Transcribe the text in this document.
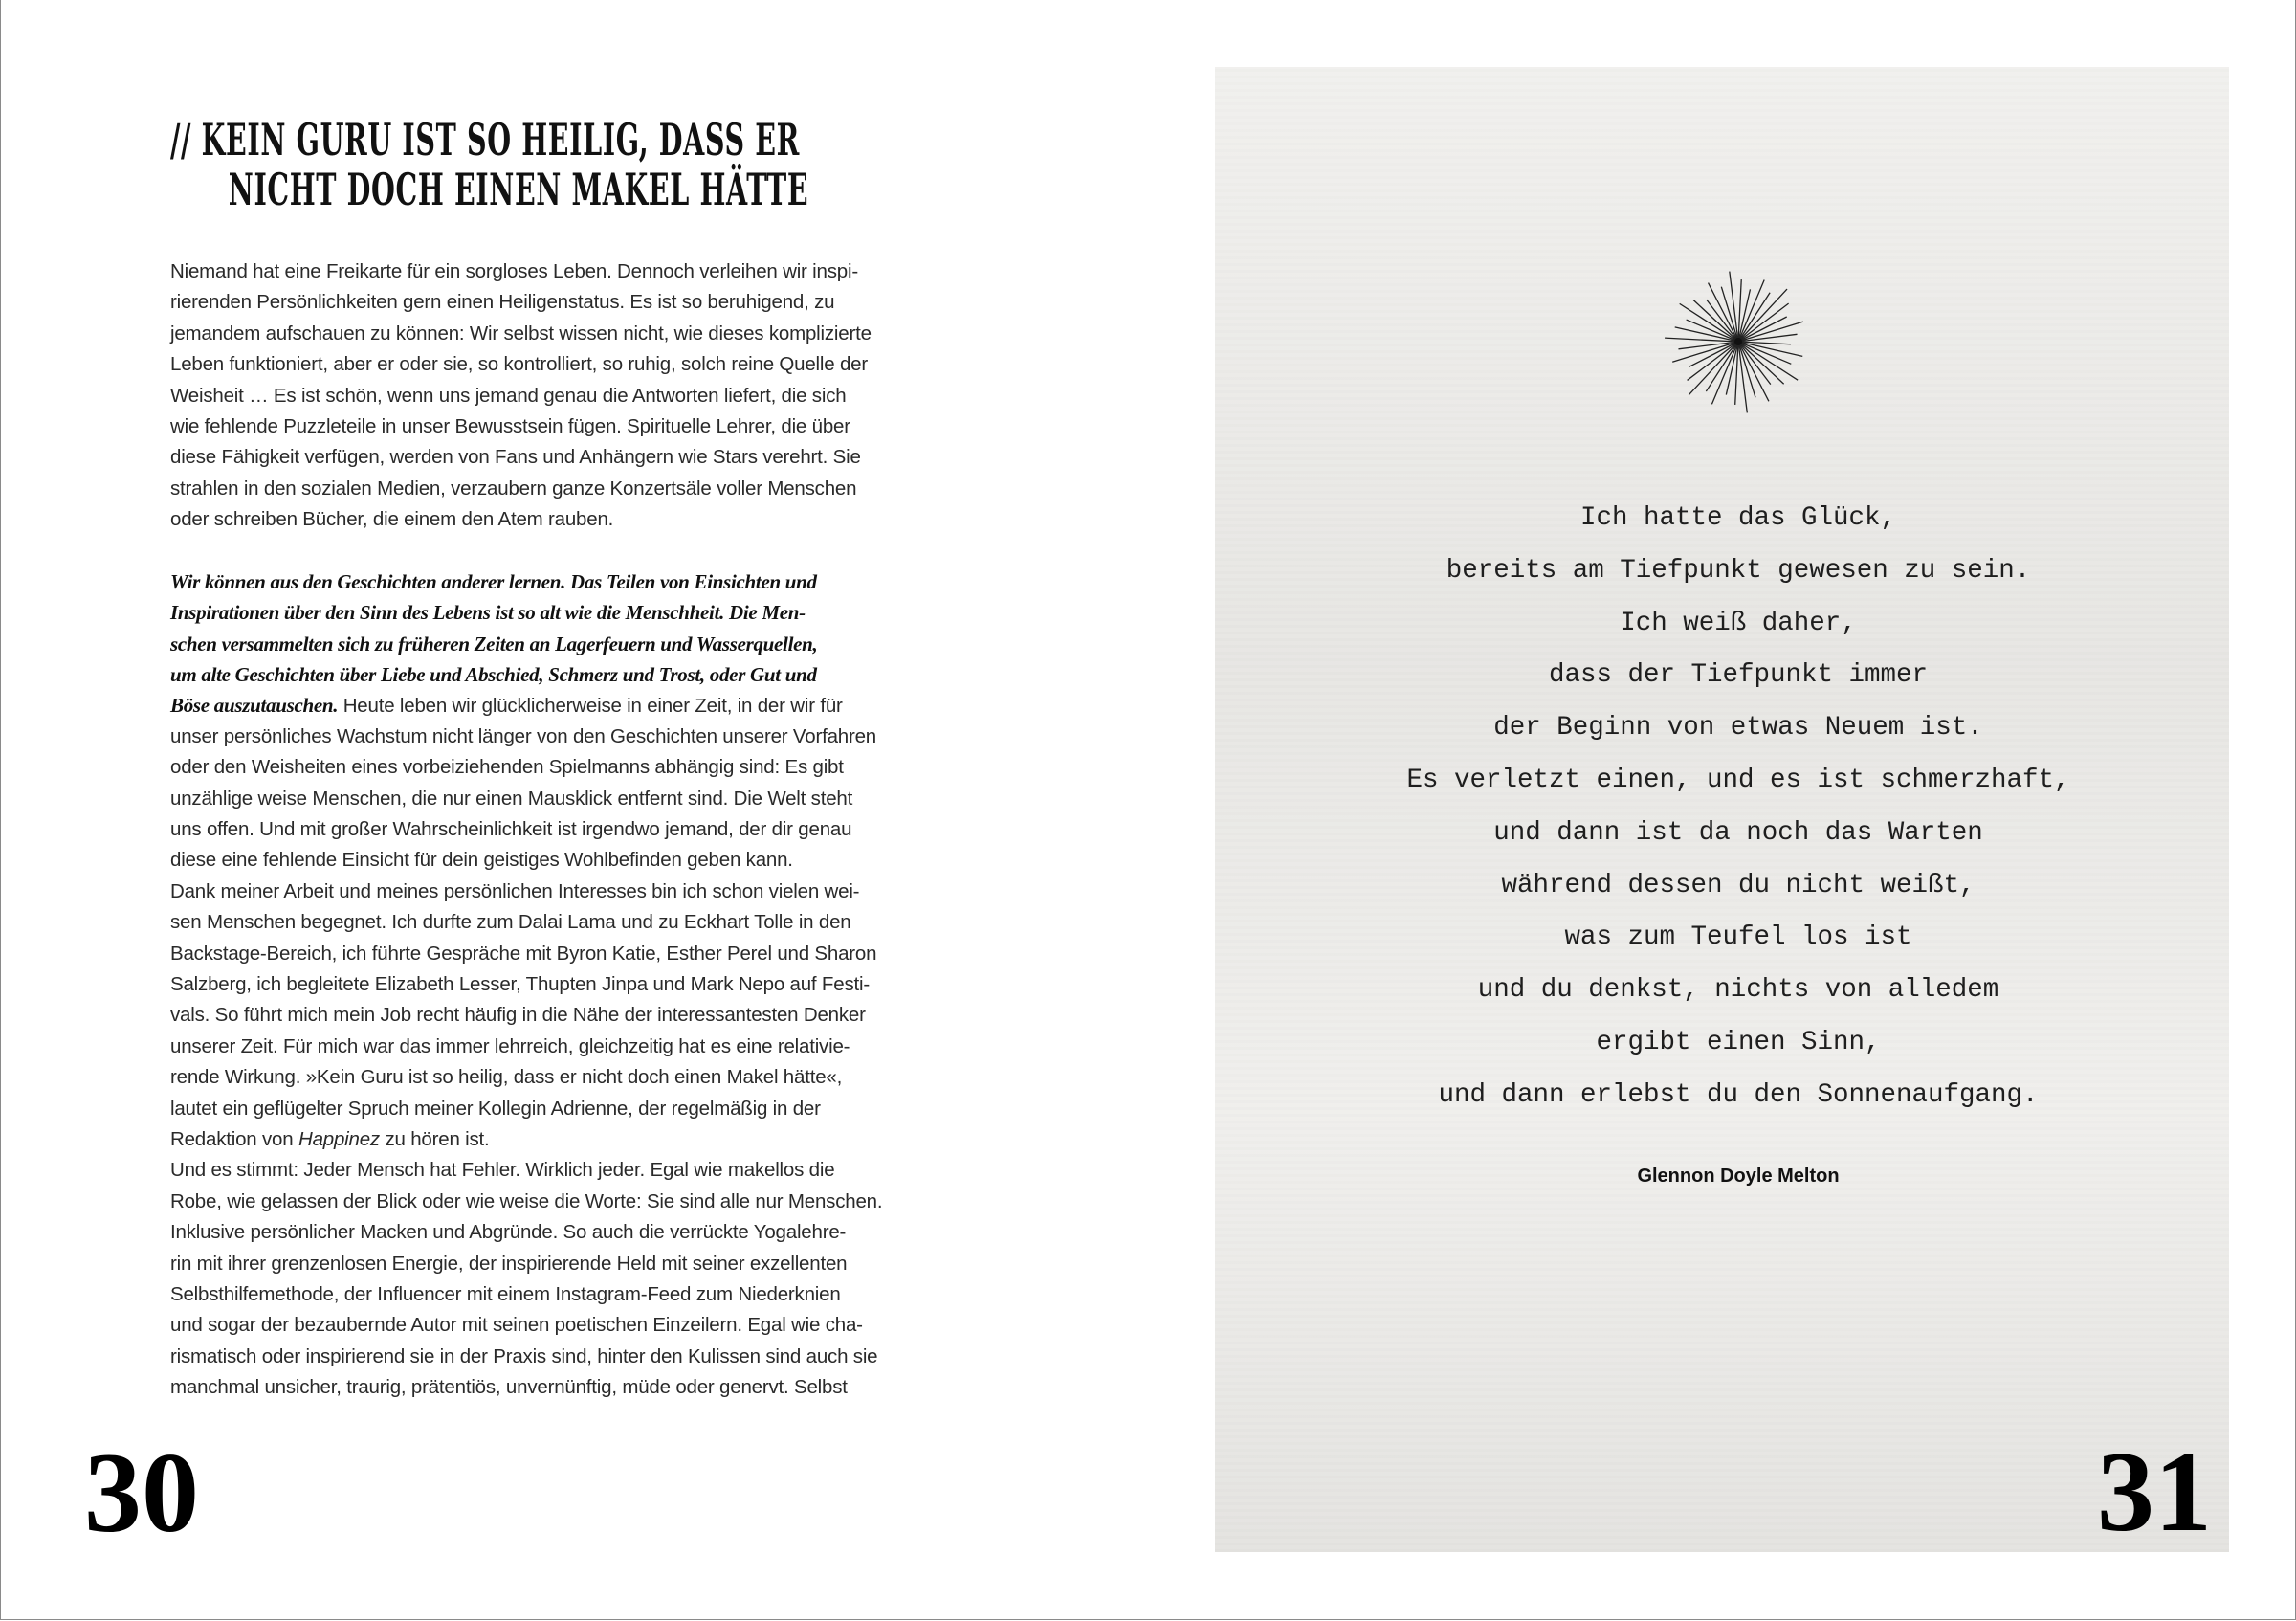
// KEIN GURU IST SO HEILIG, DASS ER
NICHT DOCH EINEN MAKEL HÄTTE
Niemand hat eine Freikarte für ein sorgloses Leben. Dennoch verleihen wir inspi-
rierenden Persönlichkeiten gern einen Heiligenstatus. Es ist so beruhigend, zu
jemandem aufschauen zu können: Wir selbst wissen nicht, wie dieses komplizierte
Leben funktioniert, aber er oder sie, so kontrolliert, so ruhig, solch reine Quelle der
Weisheit … Es ist schön, wenn uns jemand genau die Antworten liefert, die sich
wie fehlende Puzzleteile in unser Bewusstsein fügen. Spirituelle Lehrer, die über
diese Fähigkeit verfügen, werden von Fans und Anhängern wie Stars verehrt. Sie
strahlen in den sozialen Medien, verzaubern ganze Konzertsäle voller Menschen
oder schreiben Bücher, die einem den Atem rauben.
Wir können aus den Geschichten anderer lernen. Das Teilen von Einsichten und
Inspirationen über den Sinn des Lebens ist so alt wie die Menschheit. Die Men-
schen versammelten sich zu früheren Zeiten an Lagerfeuern und Wasserquellen,
um alte Geschichten über Liebe und Abschied, Schmerz und Trost, oder Gut und
Böse auszutauschen. Heute leben wir glücklicherweise in einer Zeit, in der wir für
unser persönliches Wachstum nicht länger von den Geschichten unserer Vorfahren
oder den Weisheiten eines vorbeiziehenden Spielmanns abhängig sind: Es gibt
unzählige weise Menschen, die nur einen Mausklick entfernt sind. Die Welt steht
uns offen. Und mit großer Wahrscheinlichkeit ist irgendwo jemand, der dir genau
diese eine fehlende Einsicht für dein geistiges Wohlbefinden geben kann.
Dank meiner Arbeit und meines persönlichen Interesses bin ich schon vielen wei-
sen Menschen begegnet. Ich durfte zum Dalai Lama und zu Eckhart Tolle in den
Backstage-Bereich, ich führte Gespräche mit Byron Katie, Esther Perel und Sharon
Salzberg, ich begleitete Elizabeth Lesser, Thupten Jinpa und Mark Nepo auf Festi-
vals. So führt mich mein Job recht häufig in die Nähe der interessantesten Denker
unserer Zeit. Für mich war das immer lehrreich, gleichzeitig hat es eine relativie-
rende Wirkung. »Kein Guru ist so heilig, dass er nicht doch einen Makel hätte«,
lautet ein geflügelter Spruch meiner Kollegin Adrienne, der regelmäßig in der
Redaktion von Happinez zu hören ist.
Und es stimmt: Jeder Mensch hat Fehler. Wirklich jeder. Egal wie makellos die
Robe, wie gelassen der Blick oder wie weise die Worte: Sie sind alle nur Menschen.
Inklusive persönlicher Macken und Abgründe. So auch die verrückte Yogalehre-
rin mit ihrer grenzenlosen Energie, der inspirierende Held mit seiner exzellenten
Selbsthilfemethode, der Influencer mit einem Instagram-Feed zum Niederknien
und sogar der bezaubernde Autor mit seinen poetischen Einzeilern. Egal wie cha-
rismatisch oder inspirierend sie in der Praxis sind, hinter den Kulissen sind auch sie
manchmal unsicher, traurig, prätentiös, unvernünftig, müde oder genervt. Selbst
30
Ich hatte das Glück,
bereits am Tiefpunkt gewesen zu sein.
Ich weiß daher,
dass der Tiefpunkt immer
der Beginn von etwas Neuem ist.
Es verletzt einen, und es ist schmerzhaft,
und dann ist da noch das Warten
während dessen du nicht weißt,
was zum Teufel los ist
und du denkst, nichts von alledem
ergibt einen Sinn,
und dann erlebst du den Sonnenaufgang.
Glennon Doyle Melton
31
